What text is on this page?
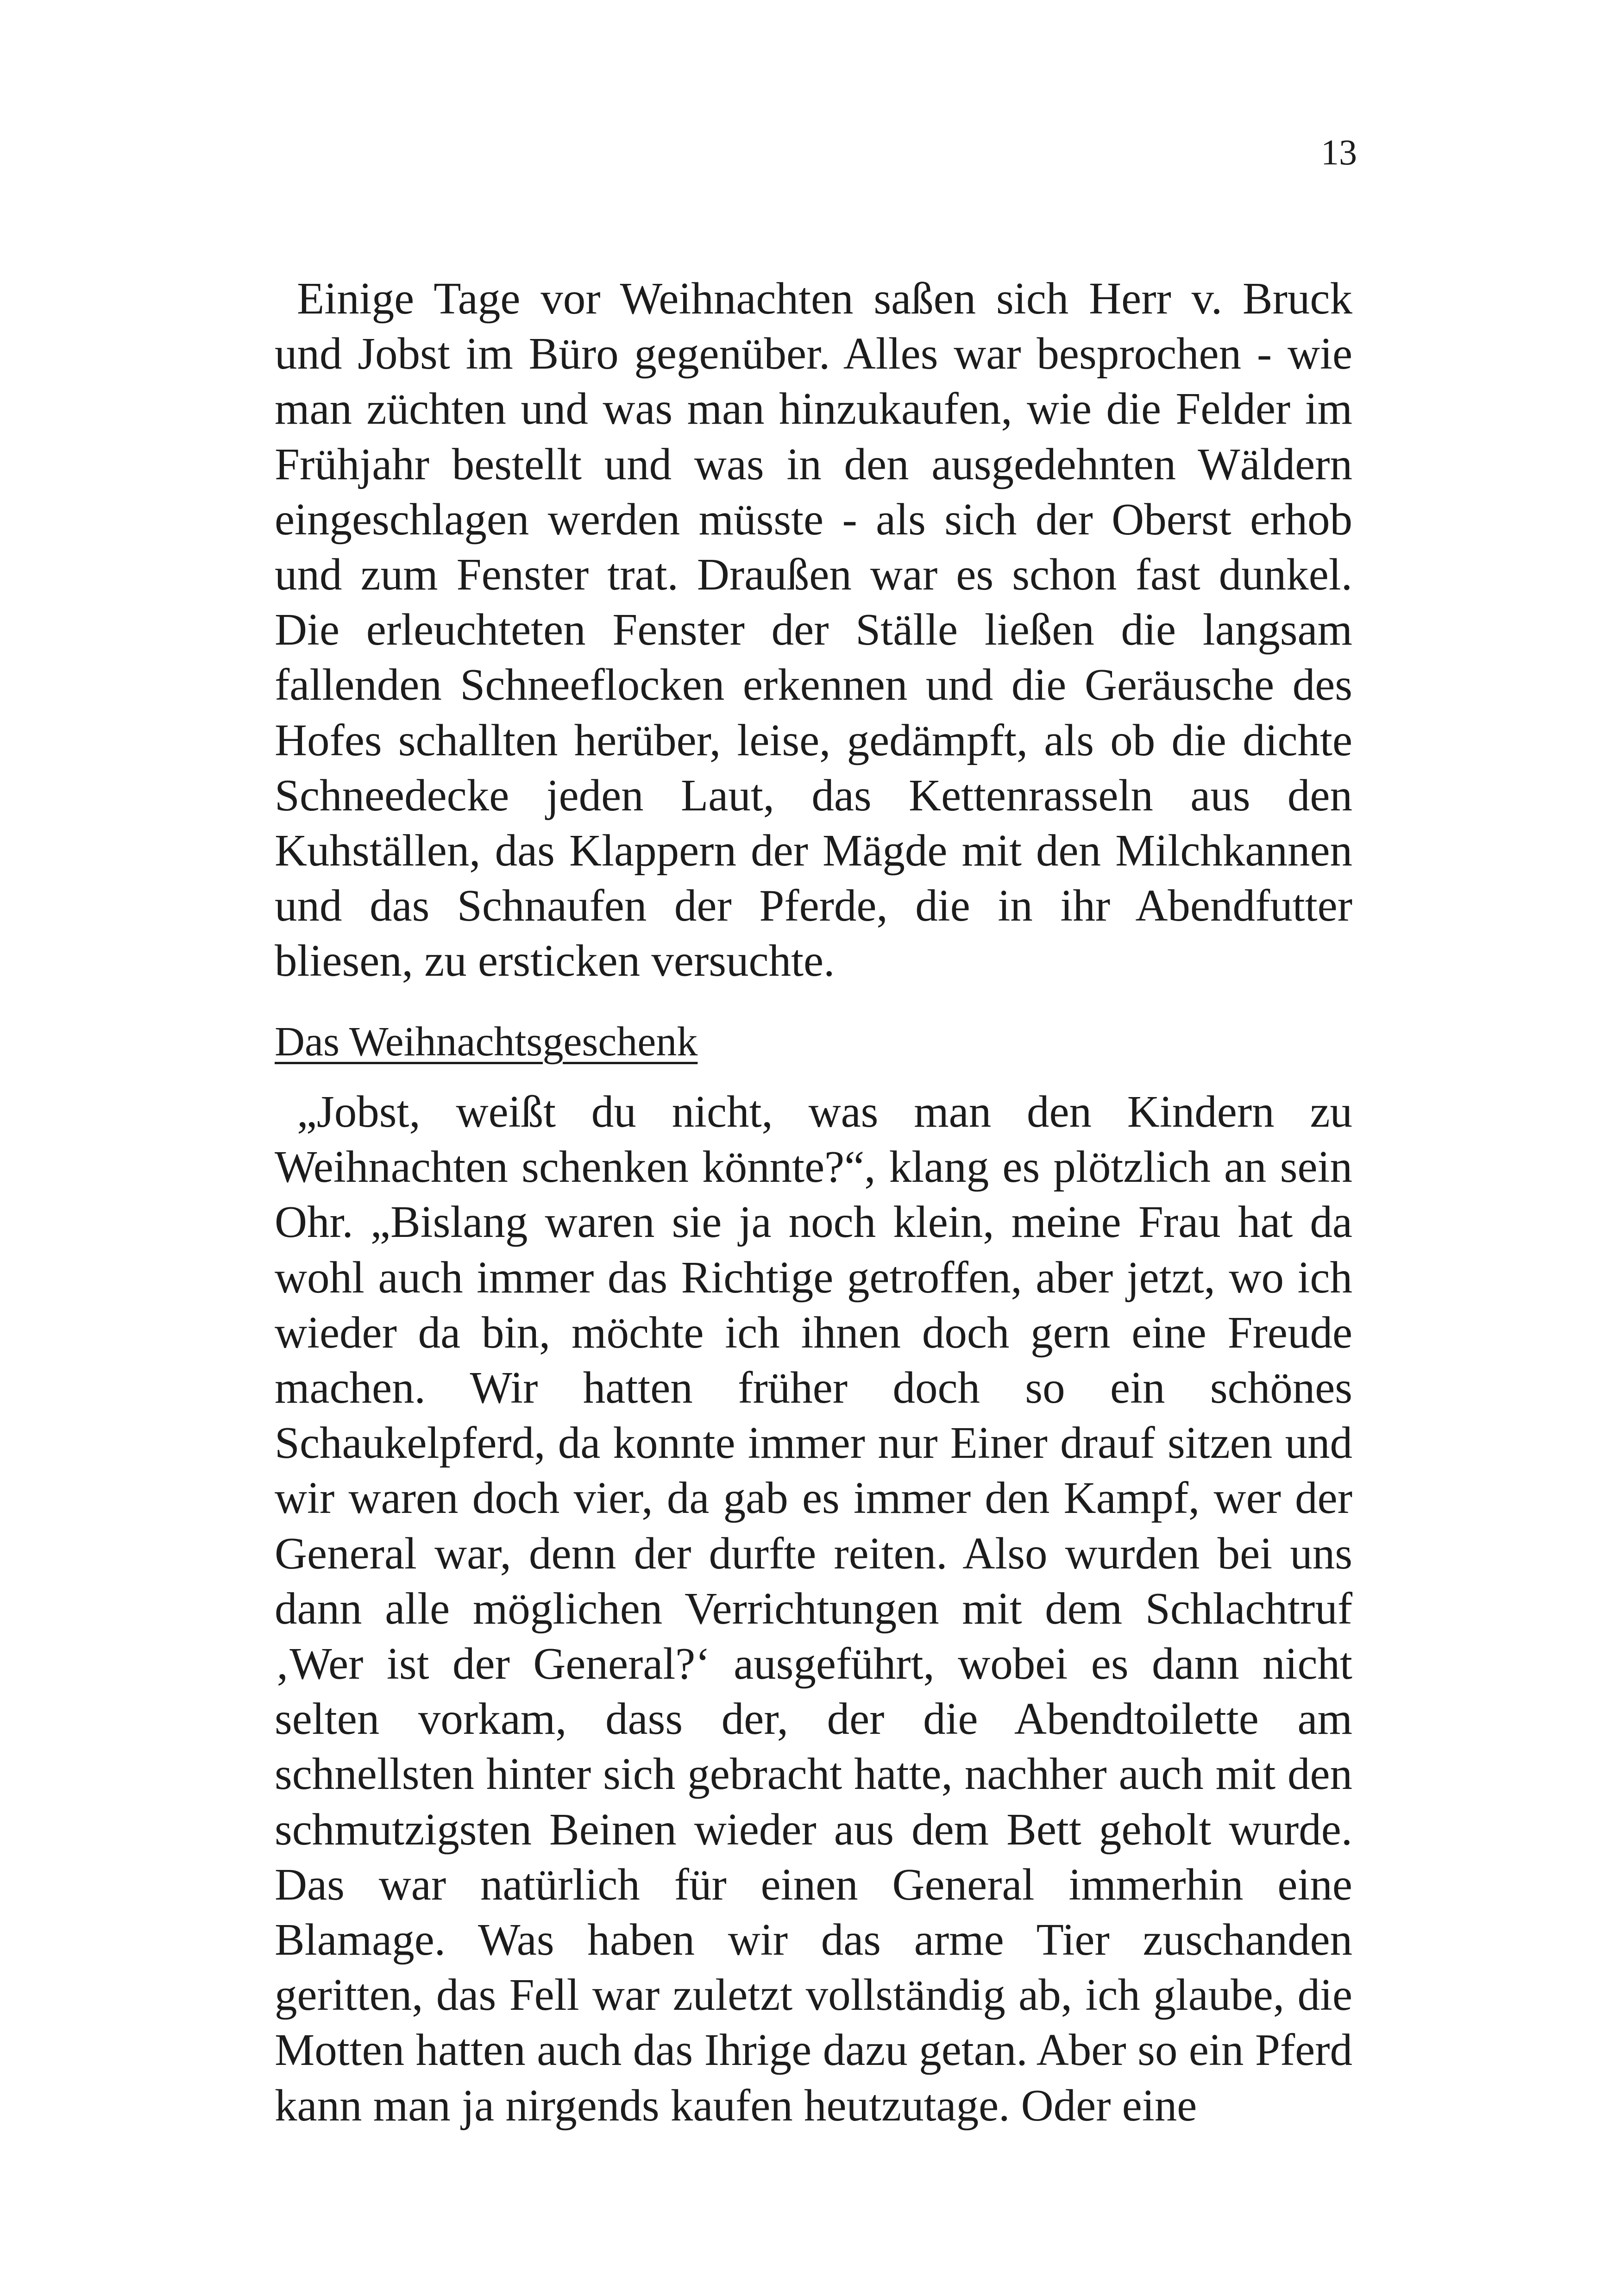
13

Einige Tage vor Weihnachten saßen sich Herr v. Bruck und Jobst im Büro gegenüber. Alles war besprochen - wie man züchten und was man hinzukaufen, wie die Felder im Frühjahr bestellt und was in den ausgedehnten Wäldern eingeschlagen werden müsste - als sich der Oberst erhob und zum Fenster trat. Draußen war es schon fast dunkel. Die erleuchteten Fenster der Ställe ließen die langsam fallenden Schneeflocken erkennen und die Geräusche des Hofes schallten herüber, leise, gedämpft, als ob die dichte Schneedecke jeden Laut, das Kettenrasseln aus den Kuhställen, das Klappern der Mägde mit den Milchkannen und das Schnaufen der Pferde, die in ihr Abendfutter bliesen, zu ersticken versuchte.

Das Weihnachtsgeschenk

„Jobst, weißt du nicht, was man den Kindern zu Weihnachten schenken könnte?“, klang es plötzlich an sein Ohr. „Bislang waren sie ja noch klein, meine Frau hat da wohl auch immer das Richtige getroffen, aber jetzt, wo ich wieder da bin, möchte ich ihnen doch gern eine Freude machen. Wir hatten früher doch so ein schönes Schaukelpferd, da konnte immer nur Einer drauf sitzen und wir waren doch vier, da gab es immer den Kampf, wer der General war, denn der durfte reiten. Also wurden bei uns dann alle möglichen Verrichtungen mit dem Schlachtruf ‚Wer ist der General?‘ ausgeführt, wobei es dann nicht selten vorkam, dass der, der die Abendtoilette am schnellsten hinter sich gebracht hatte, nachher auch mit den schmutzigsten Beinen wieder aus dem Bett geholt wurde. Das war natürlich für einen General immerhin eine Blamage. Was haben wir das arme Tier zuschanden geritten, das Fell war zuletzt vollständig ab, ich glaube, die Motten hatten auch das Ihrige dazu getan. Aber so ein Pferd kann man ja nirgends kaufen heutzutage. Oder eine
